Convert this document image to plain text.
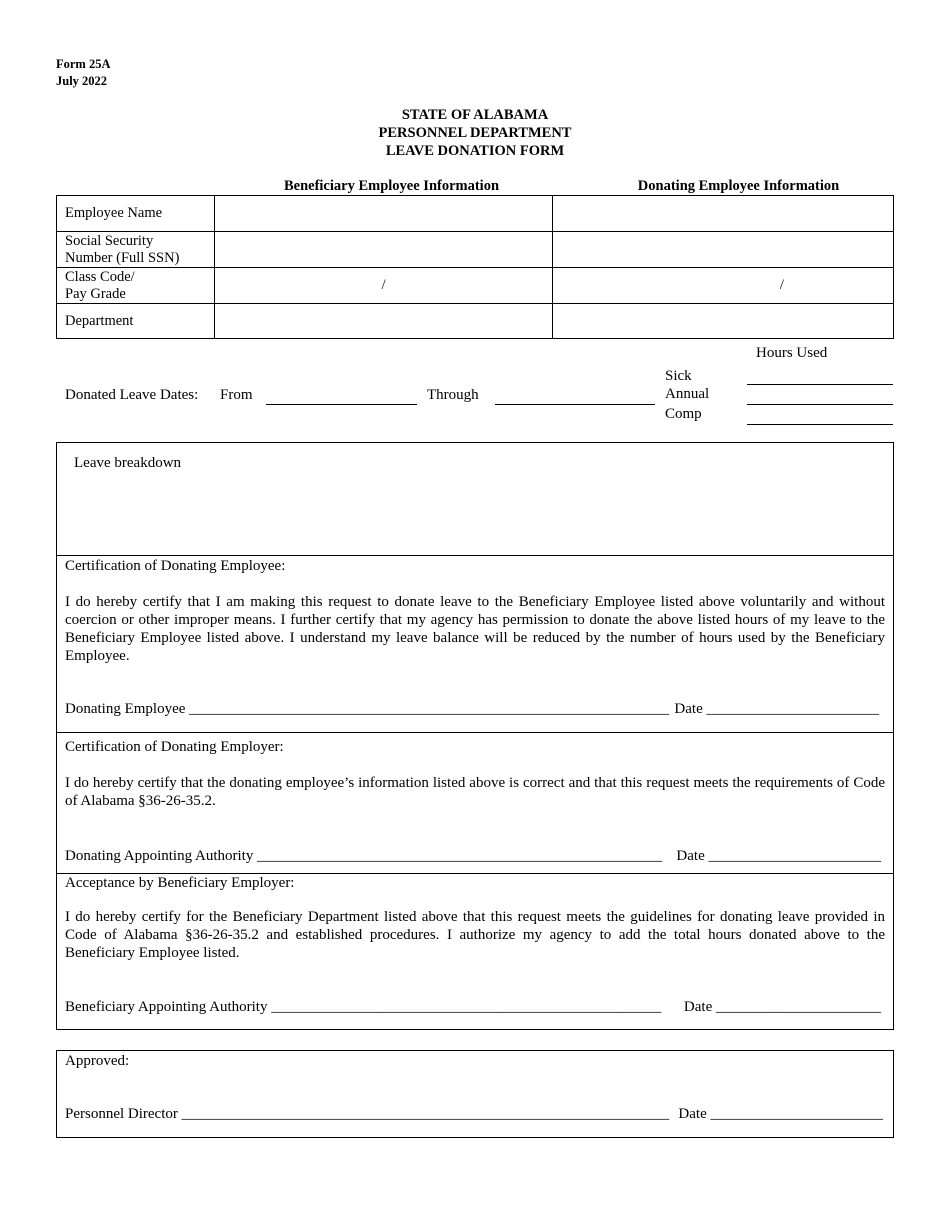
Form 25A
July 2022
STATE OF ALABAMA
PERSONNEL DEPARTMENT
LEAVE DONATION FORM
Beneficiary Employee Information	Donating Employee Information
Employee Name		

Social Security
Number (Full SSN)		

Class Code/
Pay Grade	/	/
Department		
Hours Used
Donated Leave Dates: From	Through
Sick
Annual
Comp
Leave breakdown
Certification of Donating Employee:

I do hereby certify that I am making this request to donate leave to the Beneficiary Employee listed above voluntarily and without coercion or other improper means. I further certify that my agency has permission to donate the above listed hours of my leave to the Beneficiary Employee listed above. I understand my leave balance will be reduced by the number of hours used by the Beneficiary Employee.

Donating Employee ________________________________________________________________ Date _______________________
Certification of Donating Employer:

I do hereby certify that the donating employee’s information listed above is correct and that this request meets the requirements of Code of Alabama §36-26-35.2.

Donating Appointing Authority ______________________________________________________ Date _______________________
Acceptance by Beneficiary Employer:

I do hereby certify for the Beneficiary Department listed above that this request meets the guidelines for donating leave provided in Code of Alabama §36-26-35.2 and established procedures. I authorize my agency to add the total hours donated above to the Beneficiary Employee listed.

Beneficiary Appointing Authority ____________________________________________________ Date ______________________
Approved:
Personnel Director _________________________________________________________________ Date _______________________
